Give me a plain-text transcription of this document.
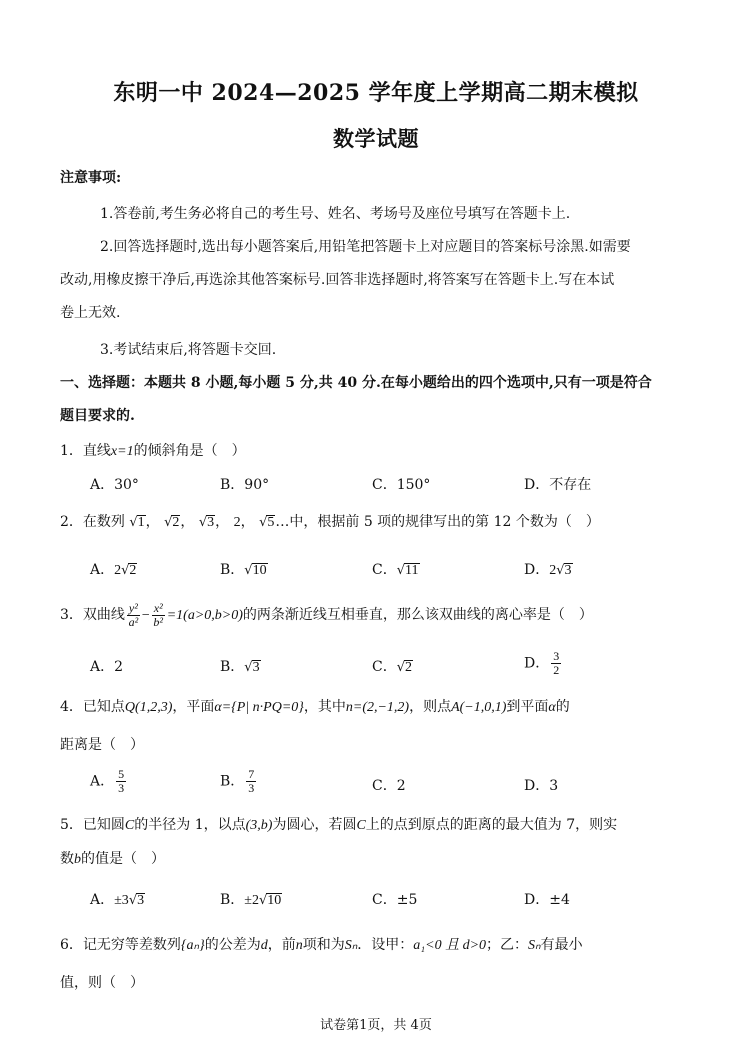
东明一中 2024—2025 学年度上学期高二期末模拟
数学试题
注意事项:
1.答卷前,考生务必将自己的考生号、姓名、考场号及座位号填写在答题卡上.
2.回答选择题时,选出每小题答案后,用铅笔把答题卡上对应题目的答案标号涂黑.如需要
改动,用橡皮擦干净后,再选涂其他答案标号.回答非选择题时,将答案写在答题卡上.写在本试
卷上无效.
3.考试结束后,将答题卡交回.
一、选择题：本题共 8 小题,每小题 5 分,共 40 分.在每小题给出的四个选项中,只有一项是符合
题目要求的.
1．直线x=1的倾斜角是（　）
A．30°	B．90°	C．150°	D．不存在
2．在数列 √1， √2， √3， 2， √5…中，根据前 5 项的规律写出的第 12 个数为（　）
A．2√2	B．√10	C．√11	D．2√3
3．双曲线 $\frac{\text{y²}}{\text{a²}} - \frac{\text{x²}}{\text{b²}} =1(a>0,b>0)$的两条渐近线互相垂直，那么该双曲线的离心率是（　）
A．2	B．√3	C．√2	D． $\frac{3}{2}$
4．已知点Q(1,2,3)，平面α={P| n·PQ=0}，其中n=(2,−1,2)，则点A(−1,0,1)到平面α的
距离是（　）
A． $\frac{5}{3}$	B． $\frac{7}{3}$	C．2	D．3
5．已知圆C的半径为 1，以点(3,b)为圆心，若圆C上的点到原点的距离的最大值为 7，则实
数b的值是（　）
A．±3√3	B．±2√10	C．±5	D．±4
6．记无穷等差数列{aₙ}的公差为d，前n项和为Sₙ．设甲：a₁<0 且 d>0；乙：Sₙ有最小
值，则（　）
试卷第1页，共 4页
